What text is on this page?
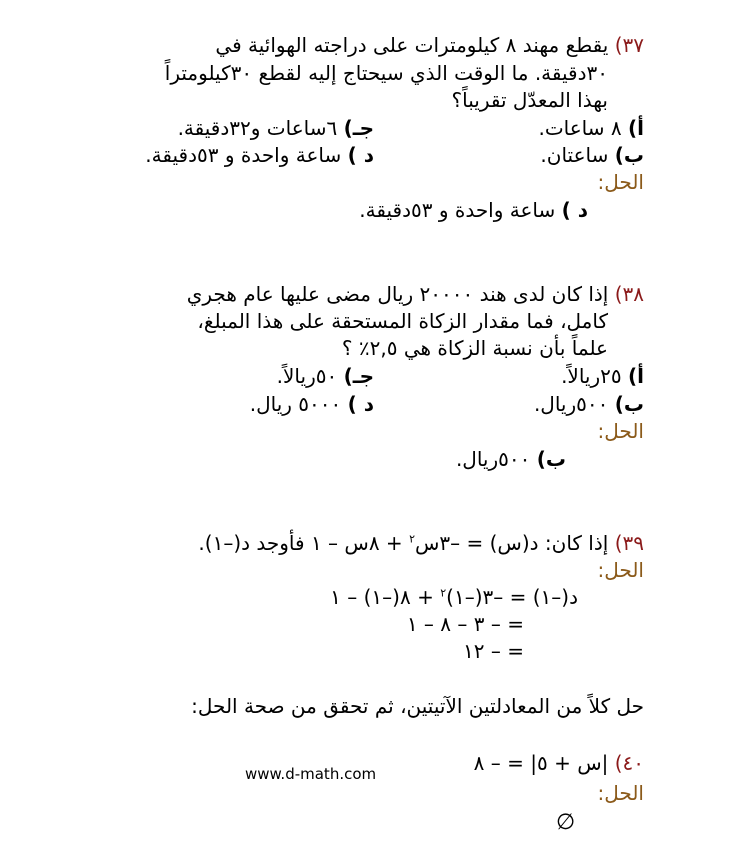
٣٧) يقطع مهند ٨ كيلومترات على دراجته الهوائية في
٣٠دقيقة. ما الوقت الذي سيحتاج إليه لقطع ٣٠كيلومتراً
بهذا المعدّل تقريباً؟
أ) ٨ ساعات.
جـ) ٦ساعات و٣٢دقيقة.
ب) ساعتان.
د ) ساعة واحدة و ٥٣دقيقة.
الحل:
د ) ساعة واحدة و ٥٣دقيقة.
٣٨) إذا كان لدى هند ٢٠٠٠٠ ريال مضى عليها عام هجري
كامل، فما مقدار الزكاة المستحقة على هذا المبلغ،
علماً بأن نسبة الزكاة هي ٢,٥٪ ؟
أ) ٢٥ريالاً.
جـ) ٥٠ريالاً.
ب) ٥٠٠ريال.
د ) ٥٠٠٠ ريال.
الحل:
ب) ٥٠٠ريال.
٣٩) إذا كان: د(س) = –٣س$^٢$ + ٨س – ١ فأوجد د(–١).
الحل:
د(–١) = –٣(–١)$^٢$ + ٨(–١) – ١
= – ٣ – ٨ – ١
= – ١٢
حل كلاً من المعادلتين الآتيتين، ثم تحقق من صحة الحل:
٤٠) |س + ٥| = – ٨
الحل:
∅
www.d-math.com
